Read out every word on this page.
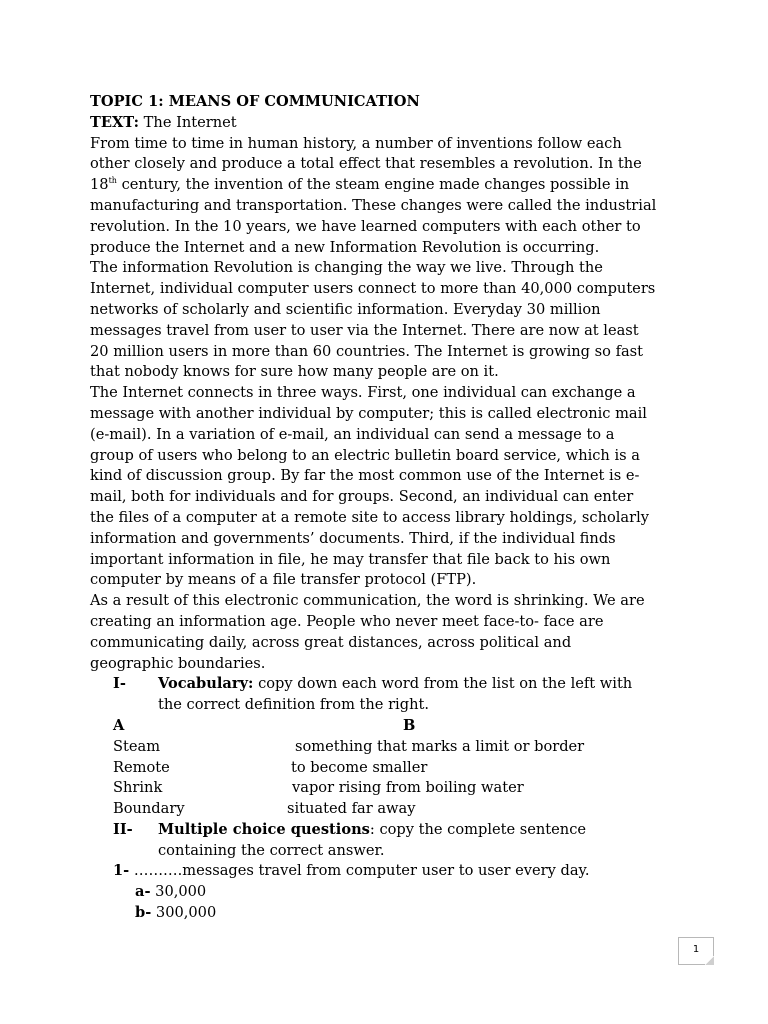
TOPIC 1: MEANS OF COMMUNICATION
TEXT: The Internet
From time to time in human history, a number of inventions follow each
other closely and produce a total effect that resembles a revolution. In the
18th century, the invention of the steam engine made changes possible in
manufacturing and transportation. These changes were called the industrial
revolution. In the 10 years, we have learned computers with each other to
produce the Internet and a new Information Revolution is occurring.
The information Revolution is changing the way we live. Through the
Internet, individual computer users connect to more than 40,000 computers
networks of scholarly and scientific information. Everyday 30 million
messages travel from user to user via the Internet. There are now at least
20 million users in more than 60 countries. The Internet is growing so fast
that nobody knows for sure how many people are on it.
The Internet connects in three ways. First, one individual can exchange a
message with another individual by computer; this is called electronic mail
(e-mail). In a variation of e-mail, an individual can send a message to a
group of users who belong to an electric bulletin board service, which is a
kind of discussion group. By far the most common use of the Internet is e-
mail, both for individuals and for groups. Second, an individual can enter
the files of a computer at a remote site to access library holdings, scholarly
information and governments’ documents. Third, if the individual finds
important information in file, he may transfer that file back to his own
computer by means of a file transfer protocol (FTP).
As a result of this electronic communication, the word is shrinking. We are
creating an information age. People who never meet face-to- face are
communicating daily, across great distances, across political and
geographic boundaries.
I- Vocabulary: copy down each word from the list on the left with
the correct definition from the right.
A	B
Steam	something that marks a limit or border
Remote	to become smaller
Shrink	vapor rising from boiling water
Boundary	situated far away
II- Multiple choice questions: copy the complete sentence
containing the correct answer.
1- ……….messages travel from computer user to user every day.
a- 30,000
b- 300,000
1
